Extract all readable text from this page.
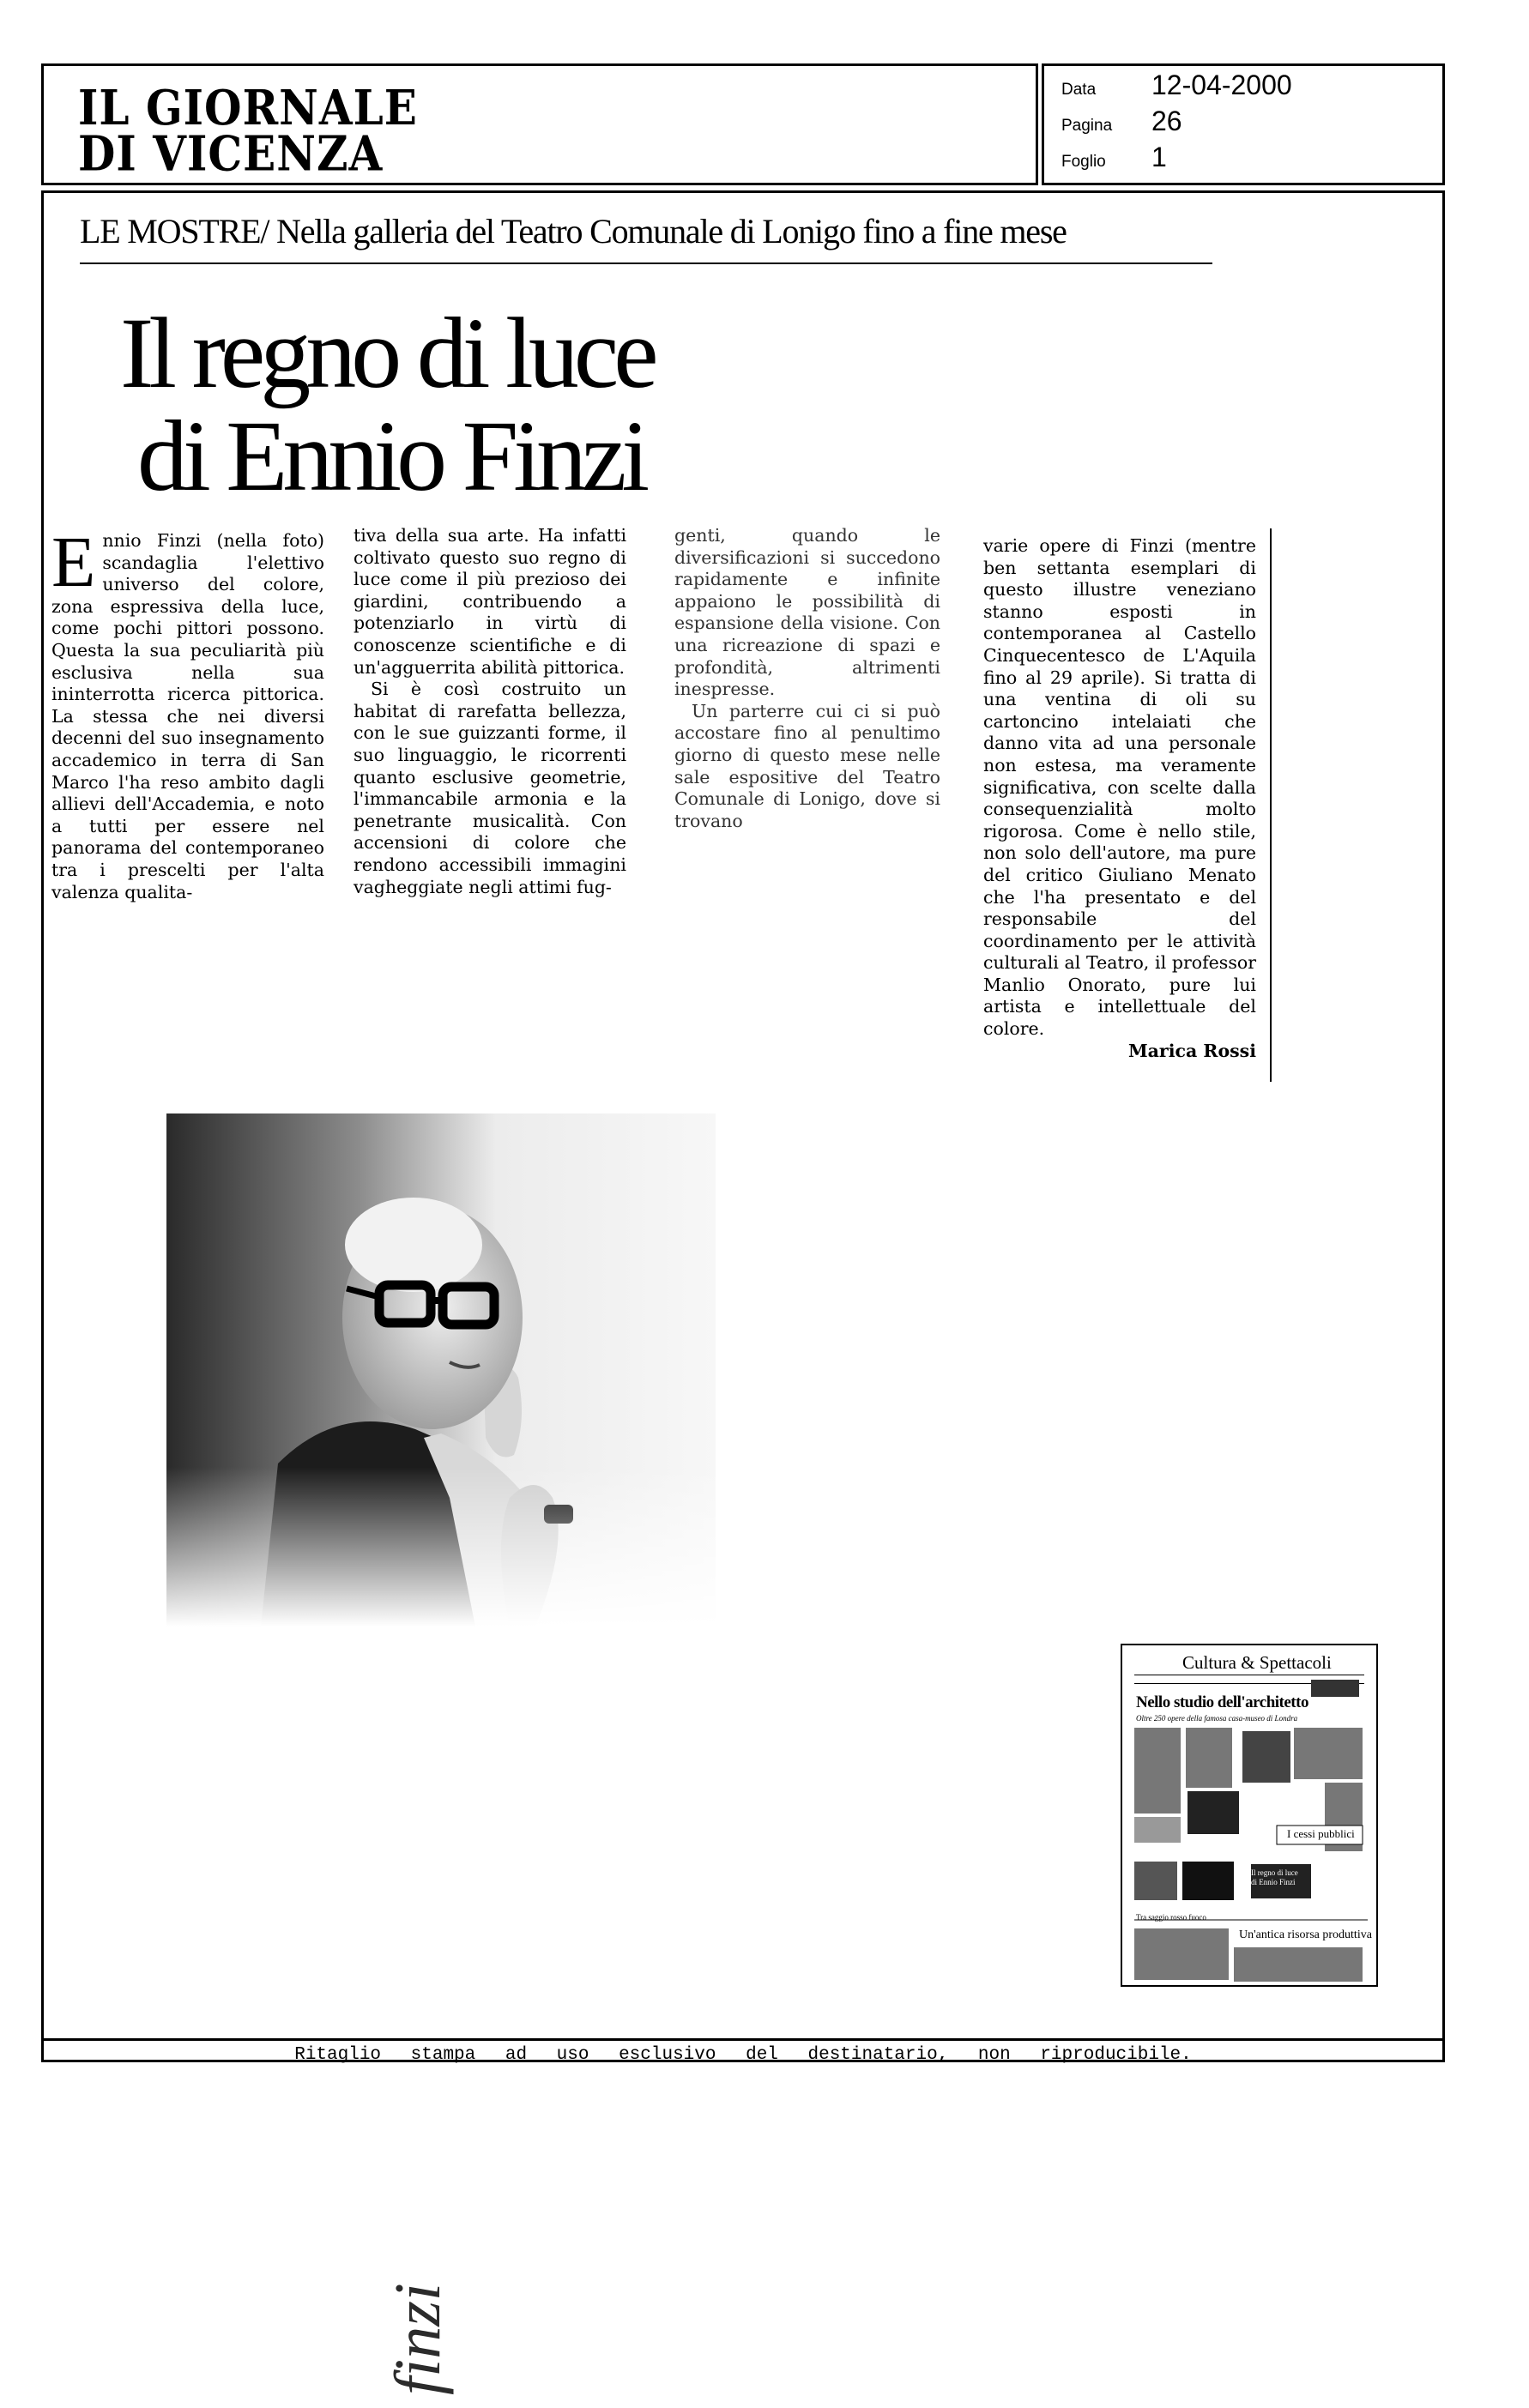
IL GIORNALE
DI VICENZA
Data	12-04-2000
Pagina	26
Foglio	1
LE MOSTRE/ Nella galleria del Teatro Comunale di Lonigo fino a fine mese
Il regno di luce
di Ennio Finzi
E nnio Finzi (nella foto) scandaglia l'elettivo universo del colore, zona espressiva della luce, come pochi pittori possono. Questa la sua peculiarità più esclusiva nella sua ininterrotta ricerca pittorica. La stessa che nei diversi decenni del suo insegnamento accademico in terra di San Marco l'ha reso ambito dagli allievi dell'Accademia, e noto a tutti per essere nel panorama del contemporaneo tra i prescelti per l'alta valenza qualita-

tiva della sua arte. Ha infatti coltivato questo suo regno di luce come il più prezioso dei giardini, contribuendo a potenziarlo in virtù di conoscenze scientifiche e di un'agguerrita abilità pittorica.

Si è così costruito un habitat di rarefatta bellezza, con le sue guizzanti forme, il suo linguaggio, le ricorrenti quanto esclusive geometrie, l'immancabile armonia e la penetrante musicalità. Con accensioni di colore che rendono accessibili immagini vagheggiate negli attimi fug-

genti, quando le diversificazioni si succedono rapidamente e infinite appaiono le possibilità di espansione della visione. Con una ricreazione di spazi e profondità, altrimenti inespresse.

Un parterre cui ci si può accostare fino al penultimo giorno di questo mese nelle sale espositive del Teatro Comunale di Lonigo, dove si trovano

varie opere di Finzi (mentre ben settanta esemplari di questo illustre veneziano stanno esposti in contemporanea al Castello Cinquecentesco de L'Aquila fino al 29 aprile). Si tratta di una ventina di oli su cartoncino intelaiati che danno vita ad una personale non estesa, ma veramente significativa, con scelte dalla consequenzialità molto rigorosa. Come è nello stile, non solo dell'autore, ma pure del critico Giuliano Menato che l'ha presentato e del responsabile del coordinamento per le attività culturali al Teatro, il professor Manlio Onorato, pure lui artista e intellettuale del colore.

Marica Rossi

finzi
Cultura & Spettacoli
Nello studio dell'architetto
Oltre 250 opere della famosa casa-museo di Londra
I cessi pubblici
Il regno di luce
di Ennio Finzi
Un'antica risorsa produttiva
Tra saggio rosso fuoco
Ritaglio stampa ad uso esclusivo del destinatario, non riproducibile.
